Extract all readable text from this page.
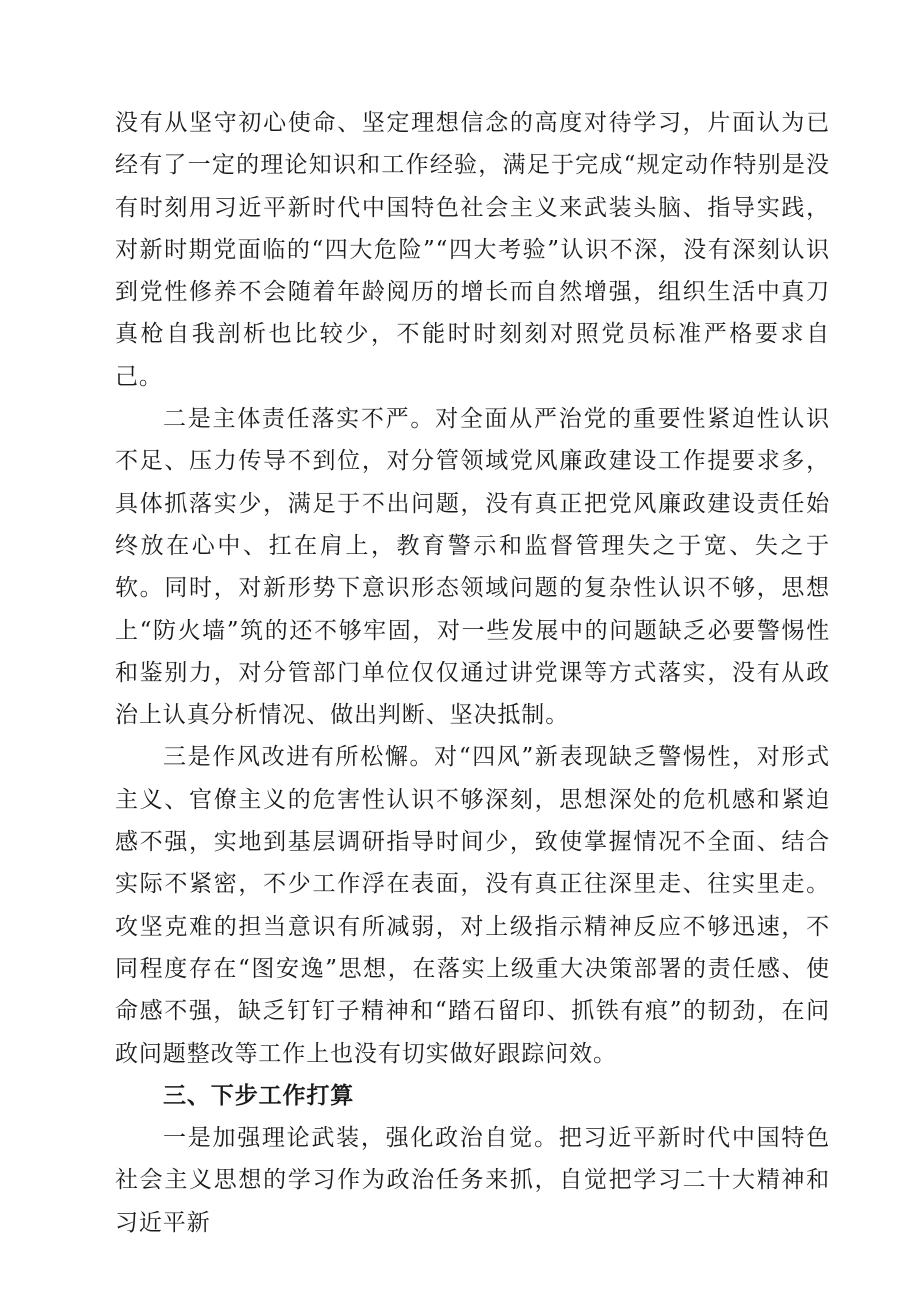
没有从坚守初心使命、坚定理想信念的高度对待学习，片面认为已经有了一定的理论知识和工作经验，满足于完成“规定动作特别是没有时刻用习近平新时代中国特色社会主义来武装头脑、指导实践，对新时期党面临的“四大危险”“四大考验”认识不深，没有深刻认识到党性修养不会随着年龄阅历的增长而自然增强，组织生活中真刀真枪自我剖析也比较少，不能时时刻刻对照党员标准严格要求自己。

二是主体责任落实不严。对全面从严治党的重要性紧迫性认识不足、压力传导不到位，对分管领域党风廉政建设工作提要求多，具体抓落实少，满足于不出问题，没有真正把党风廉政建设责任始终放在心中、扛在肩上，教育警示和监督管理失之于宽、失之于软。同时，对新形势下意识形态领域问题的复杂性认识不够，思想上“防火墙”筑的还不够牢固，对一些发展中的问题缺乏必要警惕性和鉴别力，对分管部门单位仅仅通过讲党课等方式落实，没有从政治上认真分析情况、做出判断、坚决抵制。

三是作风改进有所松懈。对“四风”新表现缺乏警惕性，对形式主义、官僚主义的危害性认识不够深刻，思想深处的危机感和紧迫感不强，实地到基层调研指导时间少，致使掌握情况不全面、结合实际不紧密，不少工作浮在表面，没有真正往深里走、往实里走。攻坚克难的担当意识有所减弱，对上级指示精神反应不够迅速，不同程度存在“图安逸”思想，在落实上级重大决策部署的责任感、使命感不强，缺乏钉钉子精神和“踏石留印、抓铁有痕”的韧劲，在问政问题整改等工作上也没有切实做好跟踪问效。

三、下步工作打算

一是加强理论武装，强化政治自觉。把习近平新时代中国特色社会主义思想的学习作为政治任务来抓，自觉把学习二十大精神和习近平新
